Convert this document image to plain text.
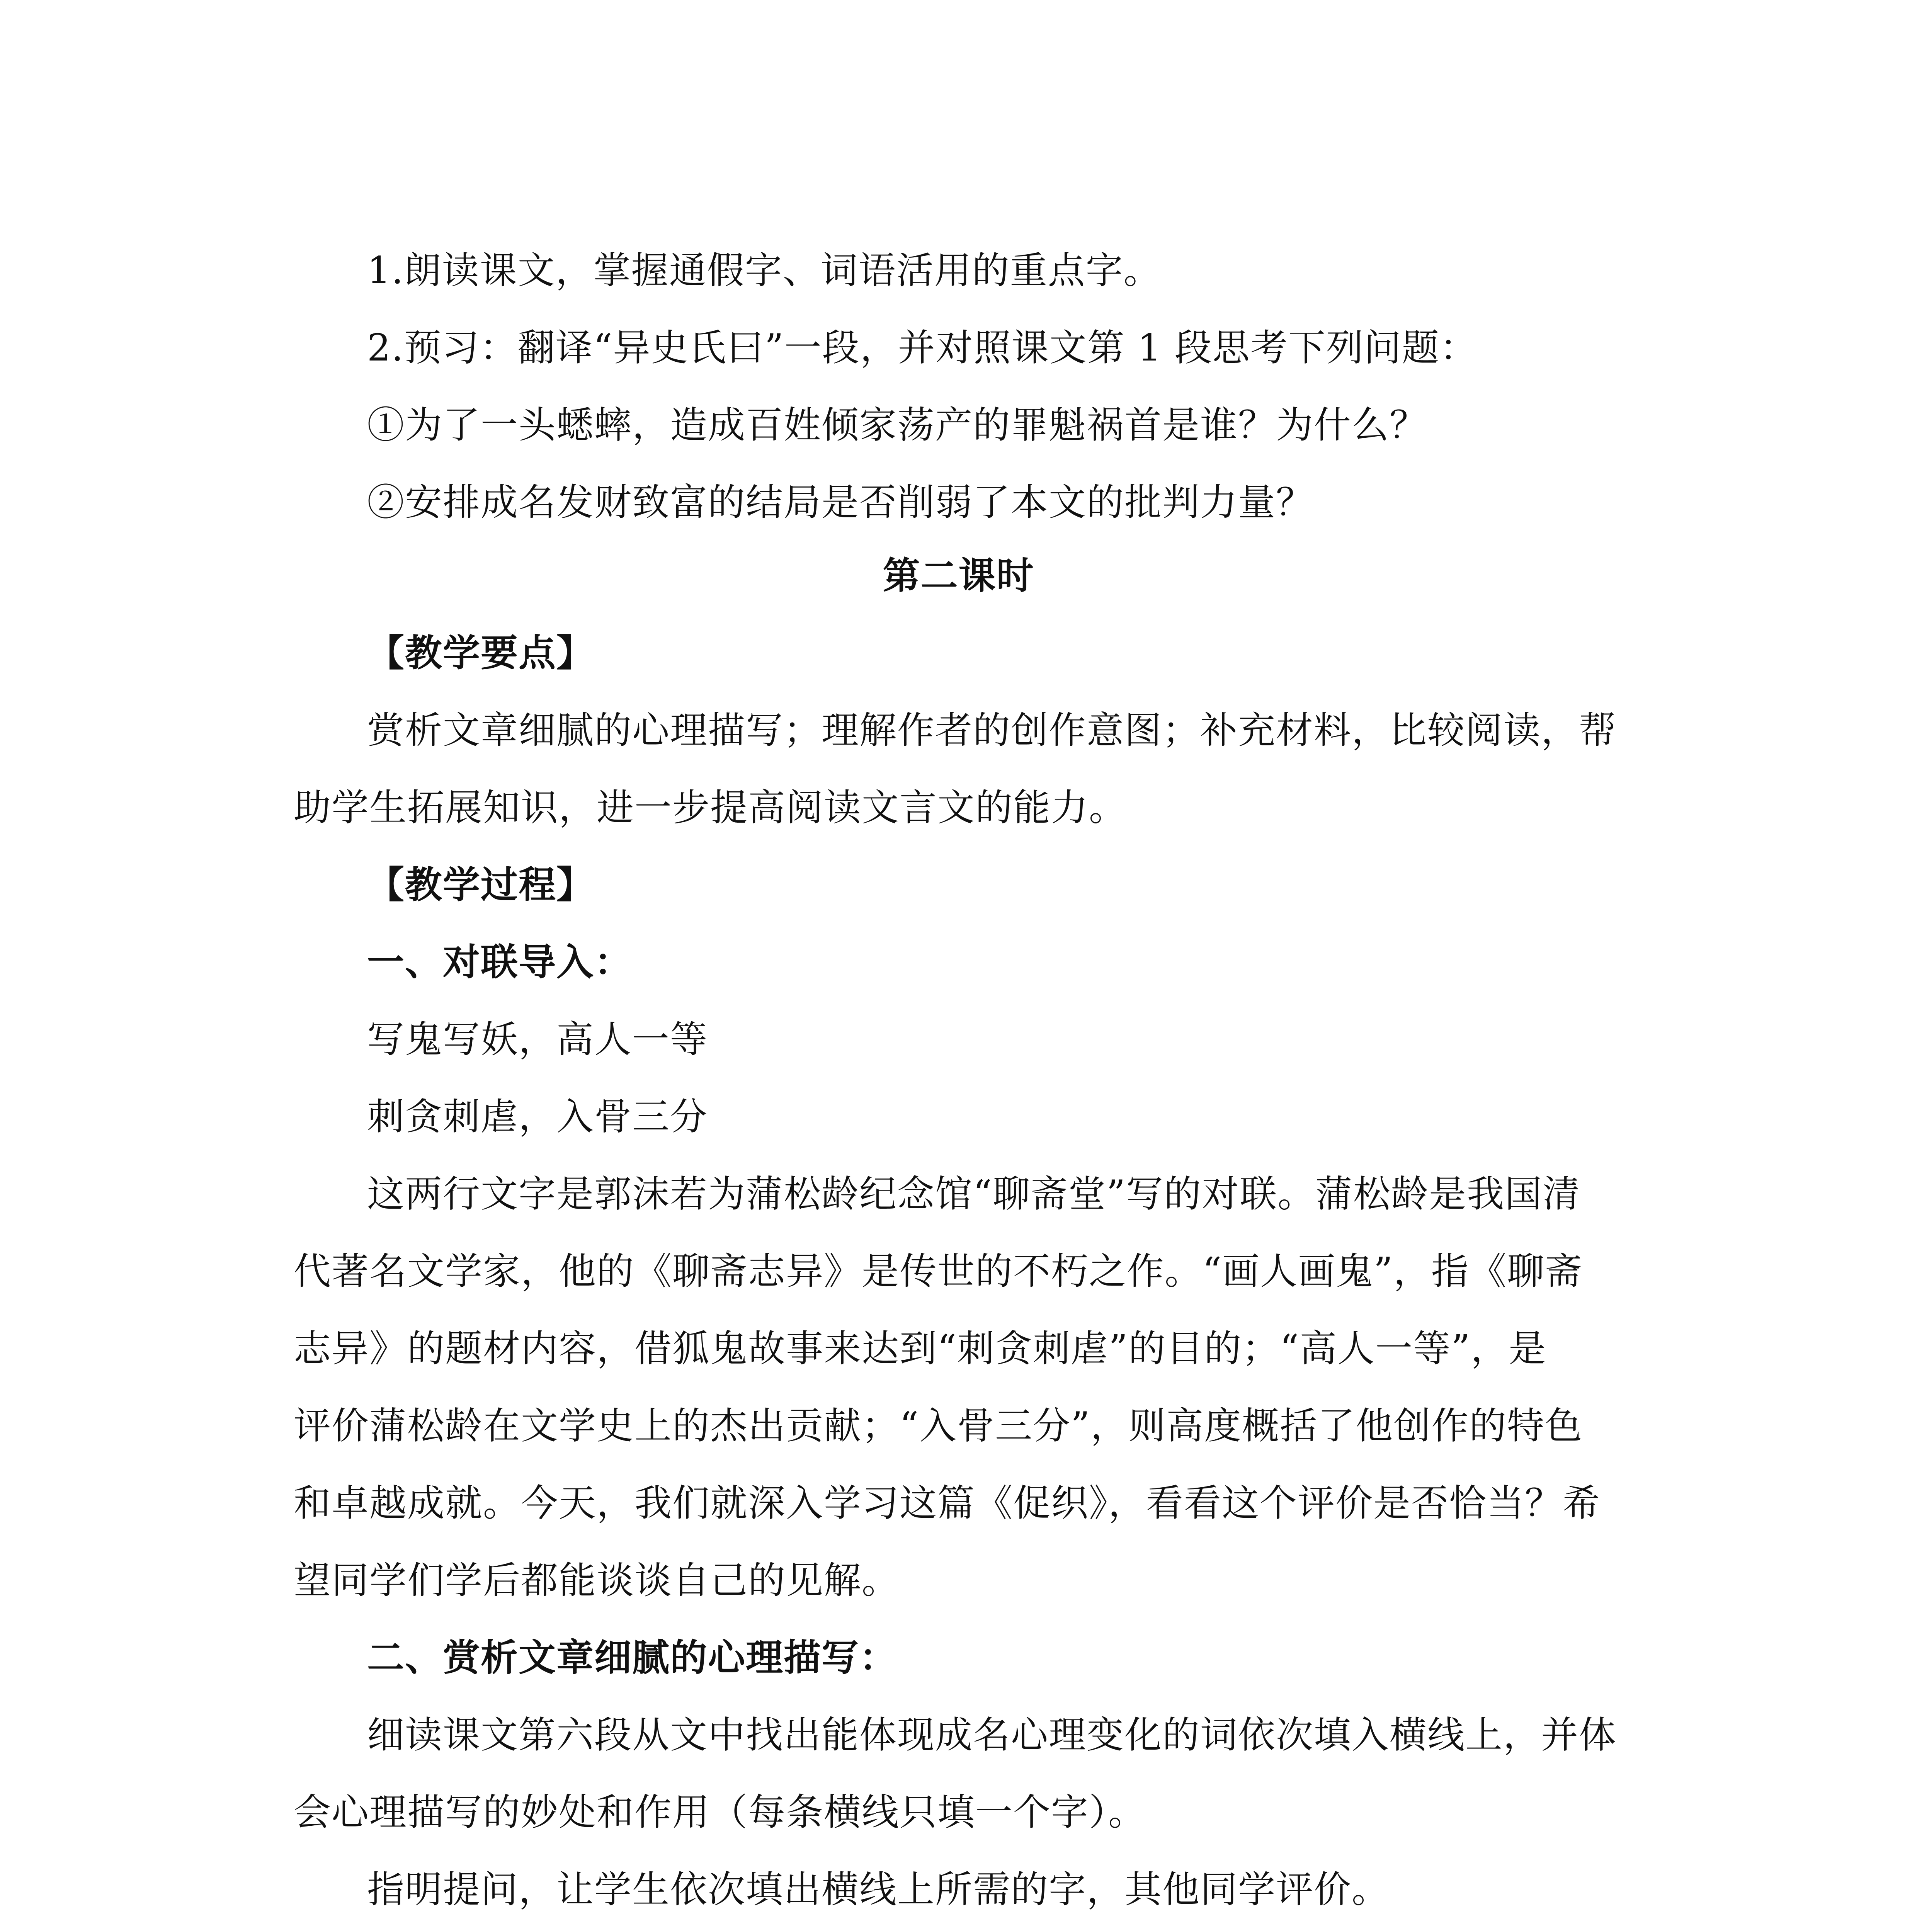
1.朗读课文，掌握通假字、词语活用的重点字。
2.预习：翻译“异史氏曰”一段，并对照课文第 1 段思考下列问题：
①为了一头蟋蟀，造成百姓倾家荡产的罪魁祸首是谁？为什么？
②安排成名发财致富的结局是否削弱了本文的批判力量？
第二课时
【教学要点】
赏析文章细腻的心理描写；理解作者的创作意图；补充材料，比较阅读，帮
助学生拓展知识，进一步提高阅读文言文的能力。
【教学过程】
一、对联导入：
写鬼写妖，高人一等
刺贪刺虐，入骨三分
这两行文字是郭沫若为蒲松龄纪念馆“聊斋堂”写的对联。蒲松龄是我国清
代著名文学家，他的《聊斋志异》是传世的不朽之作。“画人画鬼”，指《聊斋
志异》的题材内容，借狐鬼故事来达到“刺贪刺虐”的目的；“高人一等”，是
评价蒲松龄在文学史上的杰出贡献；“入骨三分”，则高度概括了他创作的特色
和卓越成就。今天，我们就深入学习这篇《促织》，看看这个评价是否恰当？希
望同学们学后都能谈谈自己的见解。
二、赏析文章细腻的心理描写：
细读课文第六段从文中找出能体现成名心理变化的词依次填入横线上，并体
会心理描写的妙处和作用（每条横线只填一个字）。
指明提问，让学生依次填出横线上所需的字，其他同学评价。
